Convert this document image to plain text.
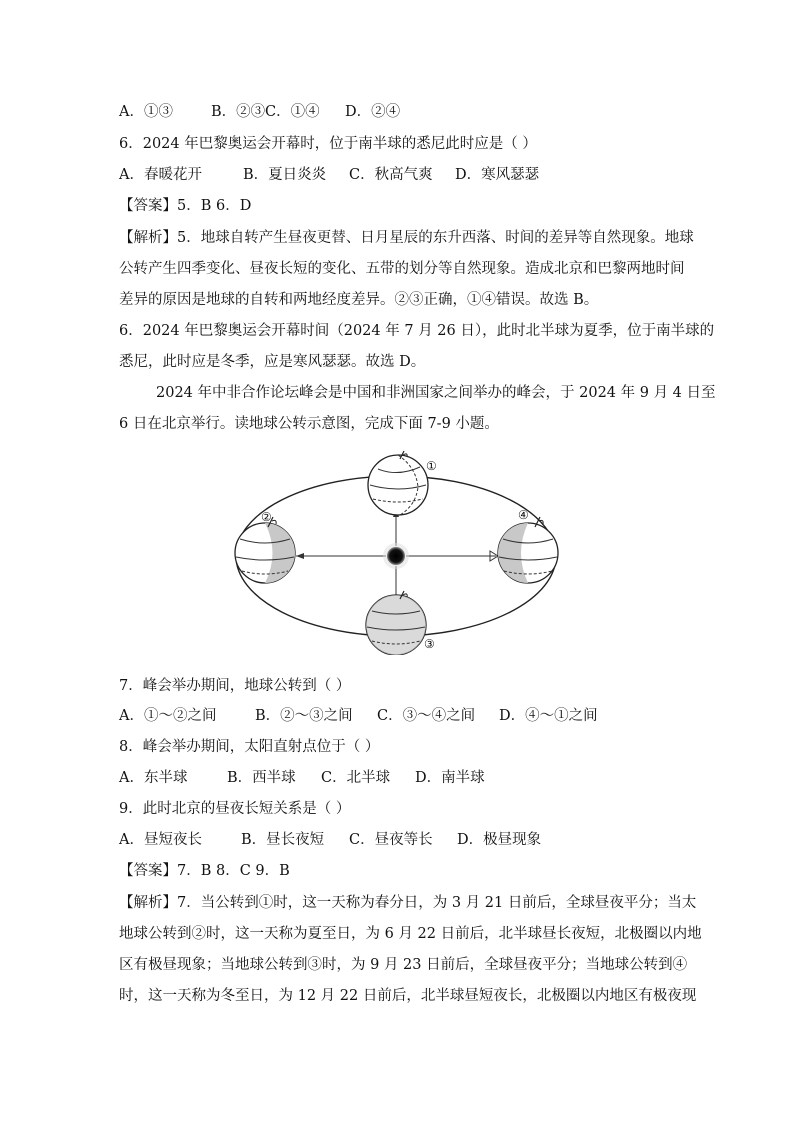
A．①③	B．②③C．①④ D．②④
6．2024 年巴黎奥运会开幕时，位于南半球的悉尼此时应是（ ）
A．春暖花开	B．夏日炎炎 C．秋高气爽 D．寒风瑟瑟
【答案】5．B 6．D
【解析】5．地球自转产生昼夜更替、日月星辰的东升西落、时间的差异等自然现象。地球
公转产生四季变化、昼夜长短的变化、五带的划分等自然现象。造成北京和巴黎两地时间
差异的原因是地球的自转和两地经度差异。②③正确，①④错误。故选 B。
6．2024 年巴黎奥运会开幕时间（2024 年 7 月 26 日），此时北半球为夏季，位于南半球的
悉尼，此时应是冬季，应是寒风瑟瑟。故选 D。
2024 年中非合作论坛峰会是中国和非洲国家之间举办的峰会，于 2024 年 9 月 4 日至
6 日在北京举行。读地球公转示意图，完成下面 7-9 小题。
①
②
③
④
7．峰会举办期间，地球公转到（ ）
A．①～②之间	B．②～③之间 C．③～④之间 D．④～①之间
8．峰会举办期间，太阳直射点位于（ ）
A．东半球	B．西半球 C．北半球 D．南半球
9．此时北京的昼夜长短关系是（ ）
A．昼短夜长	B．昼长夜短 C．昼夜等长 D．极昼现象
【答案】7．B 8．C 9．B
【解析】7．当公转到①时，这一天称为春分日，为 3 月 21 日前后，全球昼夜平分；当太
地球公转到②时，这一天称为夏至日，为 6 月 22 日前后，北半球昼长夜短，北极圈以内地
区有极昼现象；当地球公转到③时，为 9 月 23 日前后，全球昼夜平分；当地球公转到④
时，这一天称为冬至日，为 12 月 22 日前后，北半球昼短夜长，北极圈以内地区有极夜现
